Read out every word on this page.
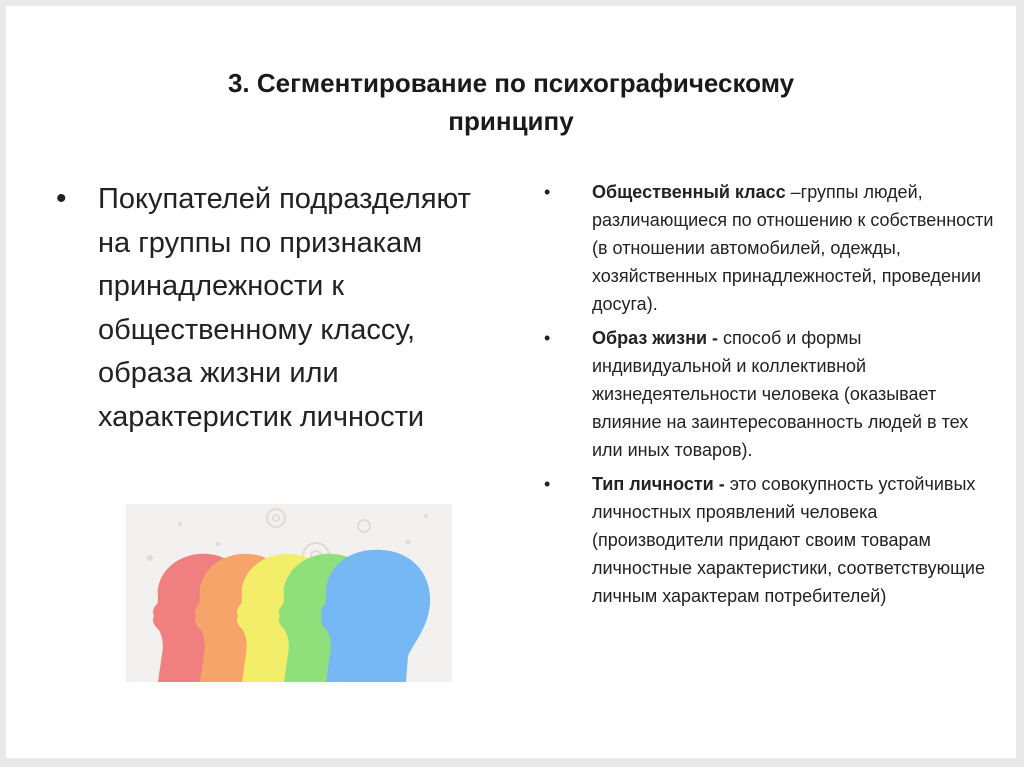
3. Сегментирование по психографическому
принципу
• Покупателей подразделяют на группы по признакам принадлежности к общественному классу, образа жизни или характеристик личности
• Общественный класс –группы людей, различающиеся по отношению к собственности (в отношении автомобилей, одежды, хозяйственных принадлежностей, проведении досуга).
• Образ жизни - способ и формы индивидуальной и коллективной жизнедеятельности человека (оказывает влияние на заинтересованность людей в тех или иных товаров).
• Тип личности - это совокупность устойчивых личностных проявлений человека (производители придают своим товарам личностные характеристики, соответствующие личным характерам потребителей)
